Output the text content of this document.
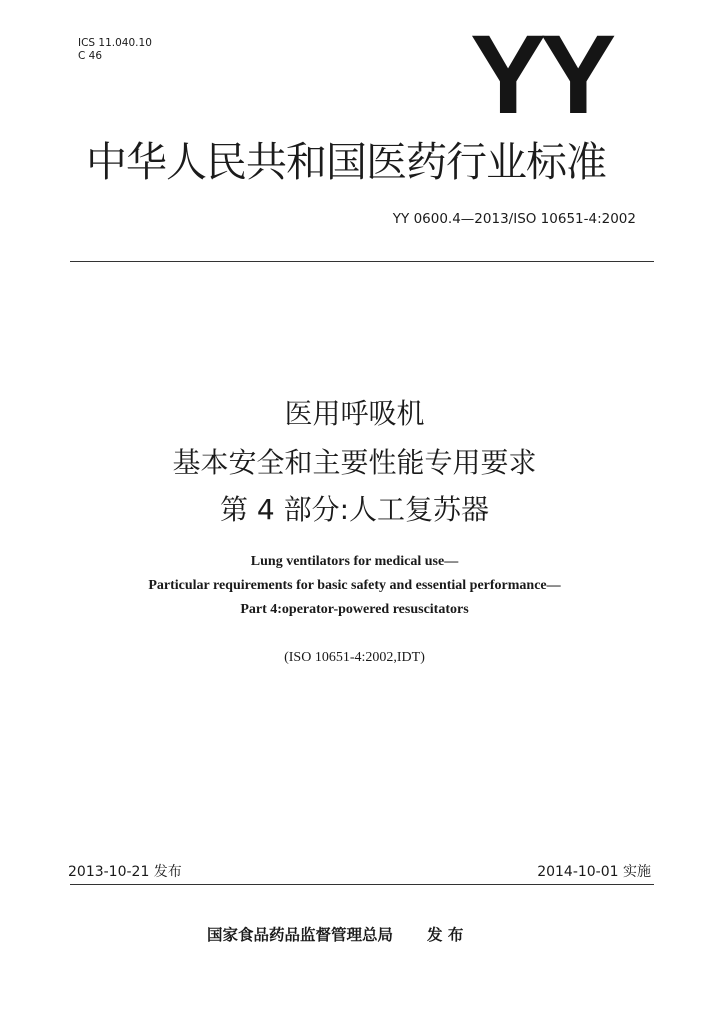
ICS 11.040.10
C 46	YY
中华人民共和国医药行业标准
YY 0600.4—2013/ISO 10651-4:2002
医用呼吸机
基本安全和主要性能专用要求
第 4 部分:人工复苏器
Lung ventilators for medical use—
Particular requirements for basic safety and essential performance—
Part 4:operator-powered resuscitators
(ISO 10651-4:2002,IDT)
2013-10-21 发布	2014-10-01 实施
国家食品药品监督管理总局 发 布
